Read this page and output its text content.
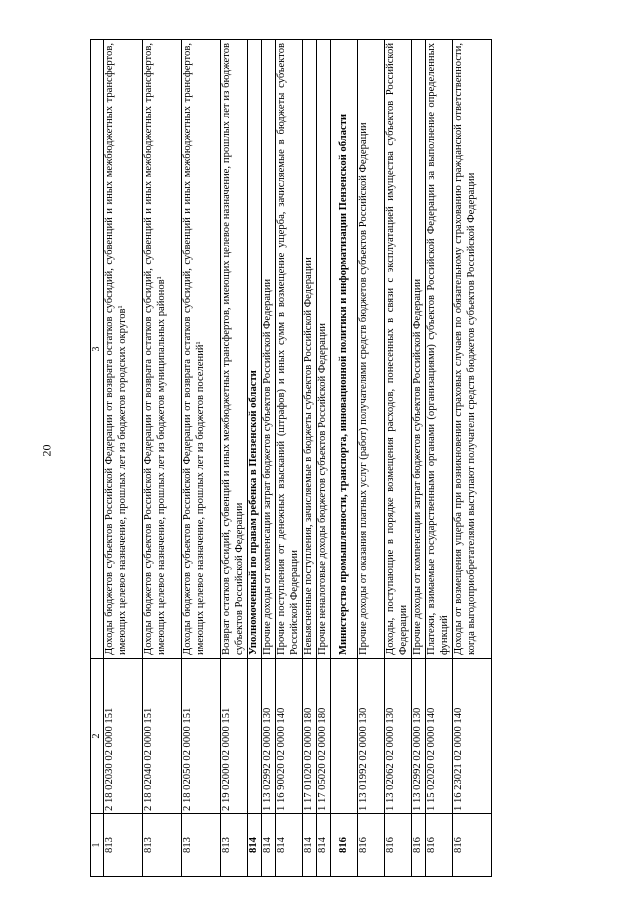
20
1	2	3
813	2 18 02030 02 0000 151	Доходы бюджетов субъектов Российской Федерации от возврата остатков субсидий, субвенций и иных межбюджетных трансфертов, имеющих целевое назначение, прошлых лет из бюджетов городских округов¹
813	2 18 02040 02 0000 151	Доходы бюджетов субъектов Российской Федерации от возврата остатков субсидий, субвенций и иных межбюджетных трансфертов, имеющих целевое назначение, прошлых лет из бюджетов муниципальных районов¹
813	2 18 02050 02 0000 151	Доходы бюджетов субъектов Российской Федерации от возврата остатков субсидий, субвенций и иных межбюджетных трансфертов, имеющих целевое назначение, прошлых лет из бюджетов поселений¹
813	2 19 02000 02 0000 151	Возврат остатков субсидий, субвенций и иных межбюджетных трансфертов, имеющих целевое назначение, прошлых лет из бюджетов субъектов Российской Федерации
814		Уполномоченный по правам ребенка в Пензенской области
814	1 13 02992 02 0000 130	Прочие доходы от компенсации затрат бюджетов субъектов Российской Федерации
814	1 16 90020 02 0000 140	Прочие поступления от денежных взысканий (штрафов) и иных сумм в возмещение ущерба, зачисляемые в бюджеты субъектов Российской Федерации
814	1 17 01020 02 0000 180	Невыясненные поступления, зачисляемые в бюджеты субъектов Российской Федерации
814	1 17 05020 02 0000 180	Прочие неналоговые доходы бюджетов субъектов Российской Федерации
816		Министерство промышленности, транспорта, инновационной политики и информатизации Пензенской области
816	1 13 01992 02 0000 130	Прочие доходы от оказания платных услуг (работ) получателями средств бюджетов субъектов Российской Федерации
816	1 13 02062 02 0000 130	Доходы, поступающие в порядке возмещения расходов, понесенных в связи с эксплуатацией имущества субъектов Российской Федерации
816	1 13 02992 02 0000 130	Прочие доходы от компенсации затрат бюджетов субъектов Российской Федерации
816	1 15 02020 02 0000 140	Платежи, взимаемые государственными органами (организациями) субъектов Российской Федерации за выполнение определенных функций
816	1 16 23021 02 0000 140	Доходы от возмещения ущерба при возникновении страховых случаев по обязательному страхованию гражданской ответственности, когда выгодоприобретателями выступают получатели средств бюджетов субъектов Российской Федерации
